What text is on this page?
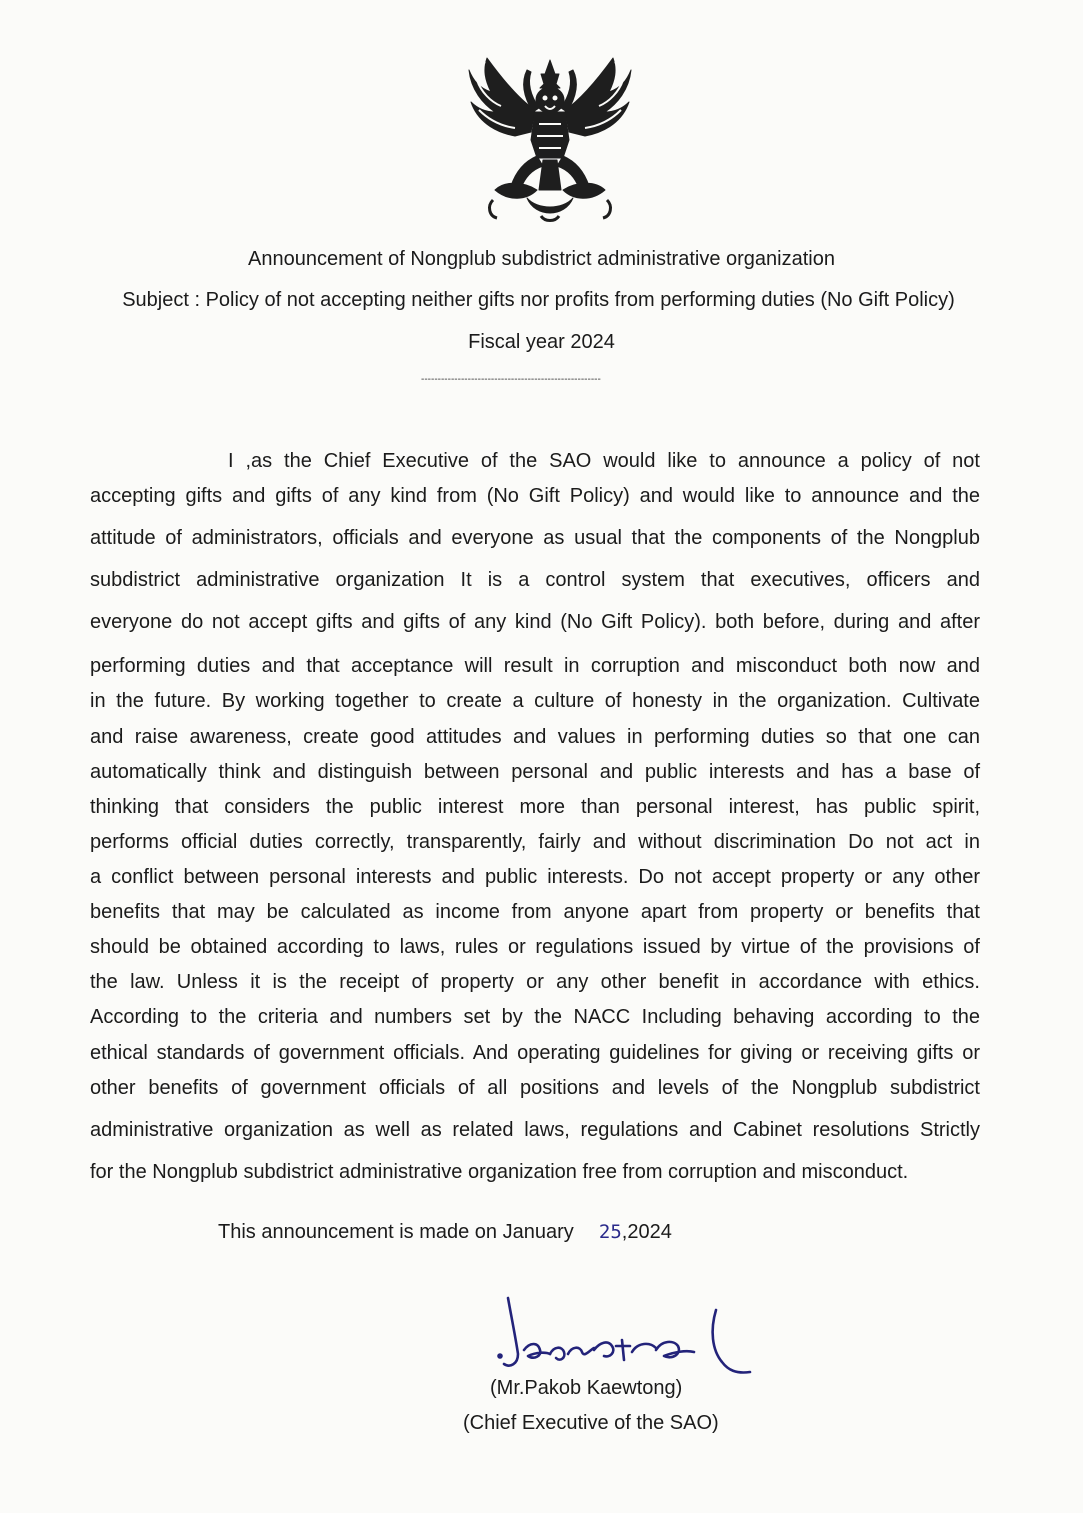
Announcement of Nongplub subdistrict administrative organization
Subject : Policy of not accepting neither gifts nor profits from performing duties (No Gift Policy)
Fiscal year 2024
------------------------------------------------------
I ,as the Chief Executive of the SAO would like to announce a policy of not
accepting gifts and gifts of any kind from (No Gift Policy) and would like to announce and the
attitude of administrators, officials and everyone as usual that the components of the Nongplub
subdistrict administrative organization It is a control system that executives, officers and
everyone do not accept gifts and gifts of any kind (No Gift Policy). both before, during and after
performing duties and that acceptance will result in corruption and misconduct both now and
in the future. By working together to create a culture of honesty in the organization. Cultivate
and raise awareness, create good attitudes and values in performing duties so that one can
automatically think and distinguish between personal and public interests and has a base of
thinking that considers the public interest more than personal interest, has public spirit,
performs official duties correctly, transparently, fairly and without discrimination Do not act in
a conflict between personal interests and public interests. Do not accept property or any other
benefits that may be calculated as income from anyone apart from property or benefits that
should be obtained according to laws, rules or regulations issued by virtue of the provisions of
the law. Unless it is the receipt of property or any other benefit in accordance with ethics.
According to the criteria and numbers set by the NACC Including behaving according to the
ethical standards of government officials. And operating guidelines for giving or receiving gifts or
other benefits of government officials of all positions and levels of the Nongplub subdistrict
administrative organization as well as related laws, regulations and Cabinet resolutions Strictly
for the Nongplub subdistrict administrative organization free from corruption and misconduct.
This announcement is made on January 25,2024
(Mr.Pakob Kaewtong)
(Chief Executive of the SAO)
